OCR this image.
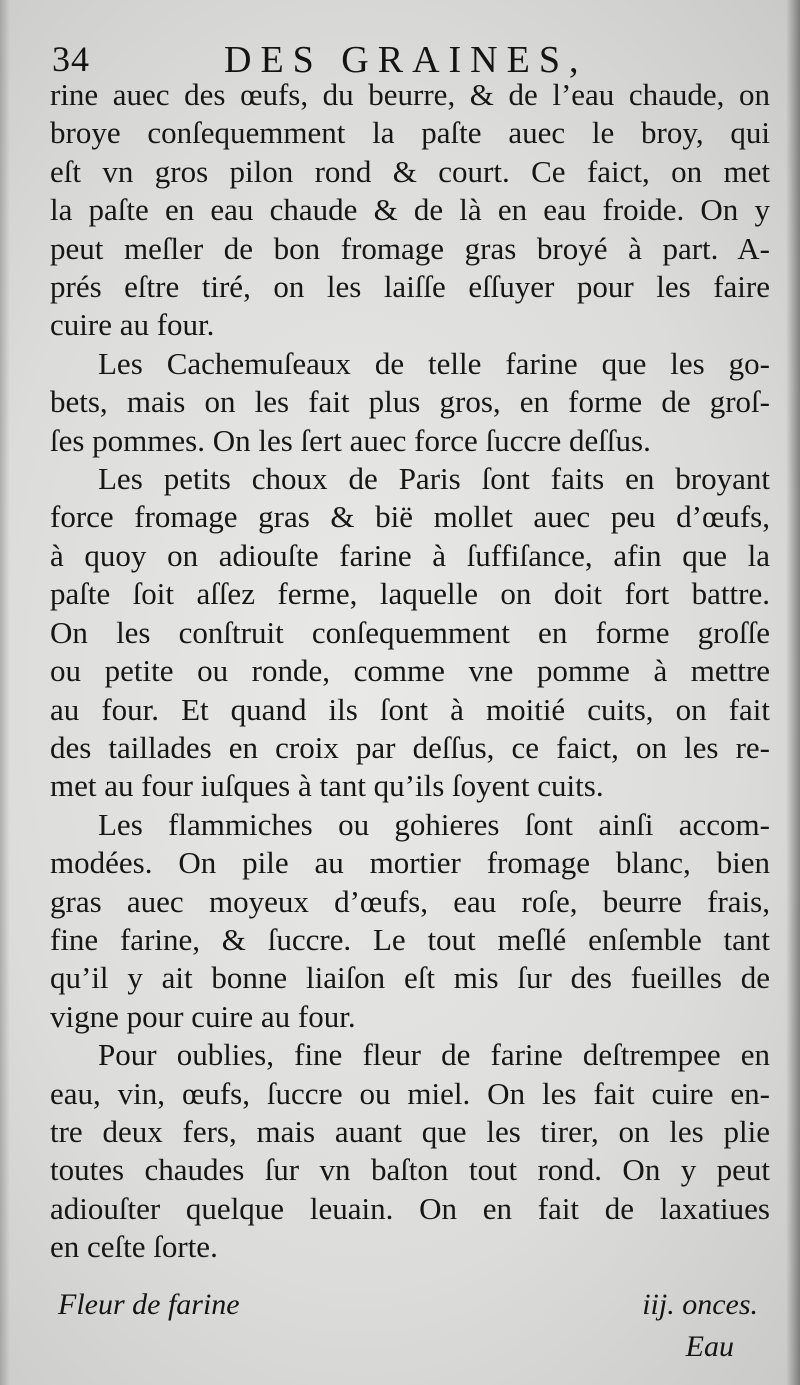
34	DES GRAINES,
rine auec des œufs, du beurre, & de l’eau chaude, on
broye conſequemment la paſte auec le broy, qui
eſt vn gros pilon rond & court. Ce faict, on met
la paſte en eau chaude & de là en eau froide. On y
peut meſler de bon fromage gras broyé à part. A-
prés eſtre tiré, on les laiſſe eſſuyer pour les faire
cuire au four.
Les Cachemuſeaux de telle farine que les go-
bets, mais on les fait plus gros, en forme de groſ-
ſes pommes. On les ſert auec force ſuccre deſſus.
Les petits choux de Paris ſont faits en broyant
force fromage gras & bië mollet auec peu d’œufs,
à quoy on adiouſte farine à ſuffiſance, afin que la
paſte ſoit aſſez ferme, laquelle on doit fort battre.
On les conſtruit conſequemment en forme groſſe
ou petite ou ronde, comme vne pomme à mettre
au four. Et quand ils ſont à moitié cuits, on fait
des taillades en croix par deſſus, ce faict, on les re-
met au four iuſques à tant qu’ils ſoyent cuits.
Les flammiches ou gohieres ſont ainſi accom-
modées. On pile au mortier fromage blanc, bien
gras auec moyeux d’œufs, eau roſe, beurre frais,
fine farine, & ſuccre. Le tout meſlé enſemble tant
qu’il y ait bonne liaiſon eſt mis ſur des fueilles de
vigne pour cuire au four.
Pour oublies, fine fleur de farine deſtrempee en
eau, vin, œufs, ſuccre ou miel. On les fait cuire en-
tre deux fers, mais auant que les tirer, on les plie
toutes chaudes ſur vn baſton tout rond. On y peut
adiouſter quelque leuain. On en fait de laxatiues
en ceſte ſorte.
Fleur de farine	iij. onces.
Eau
